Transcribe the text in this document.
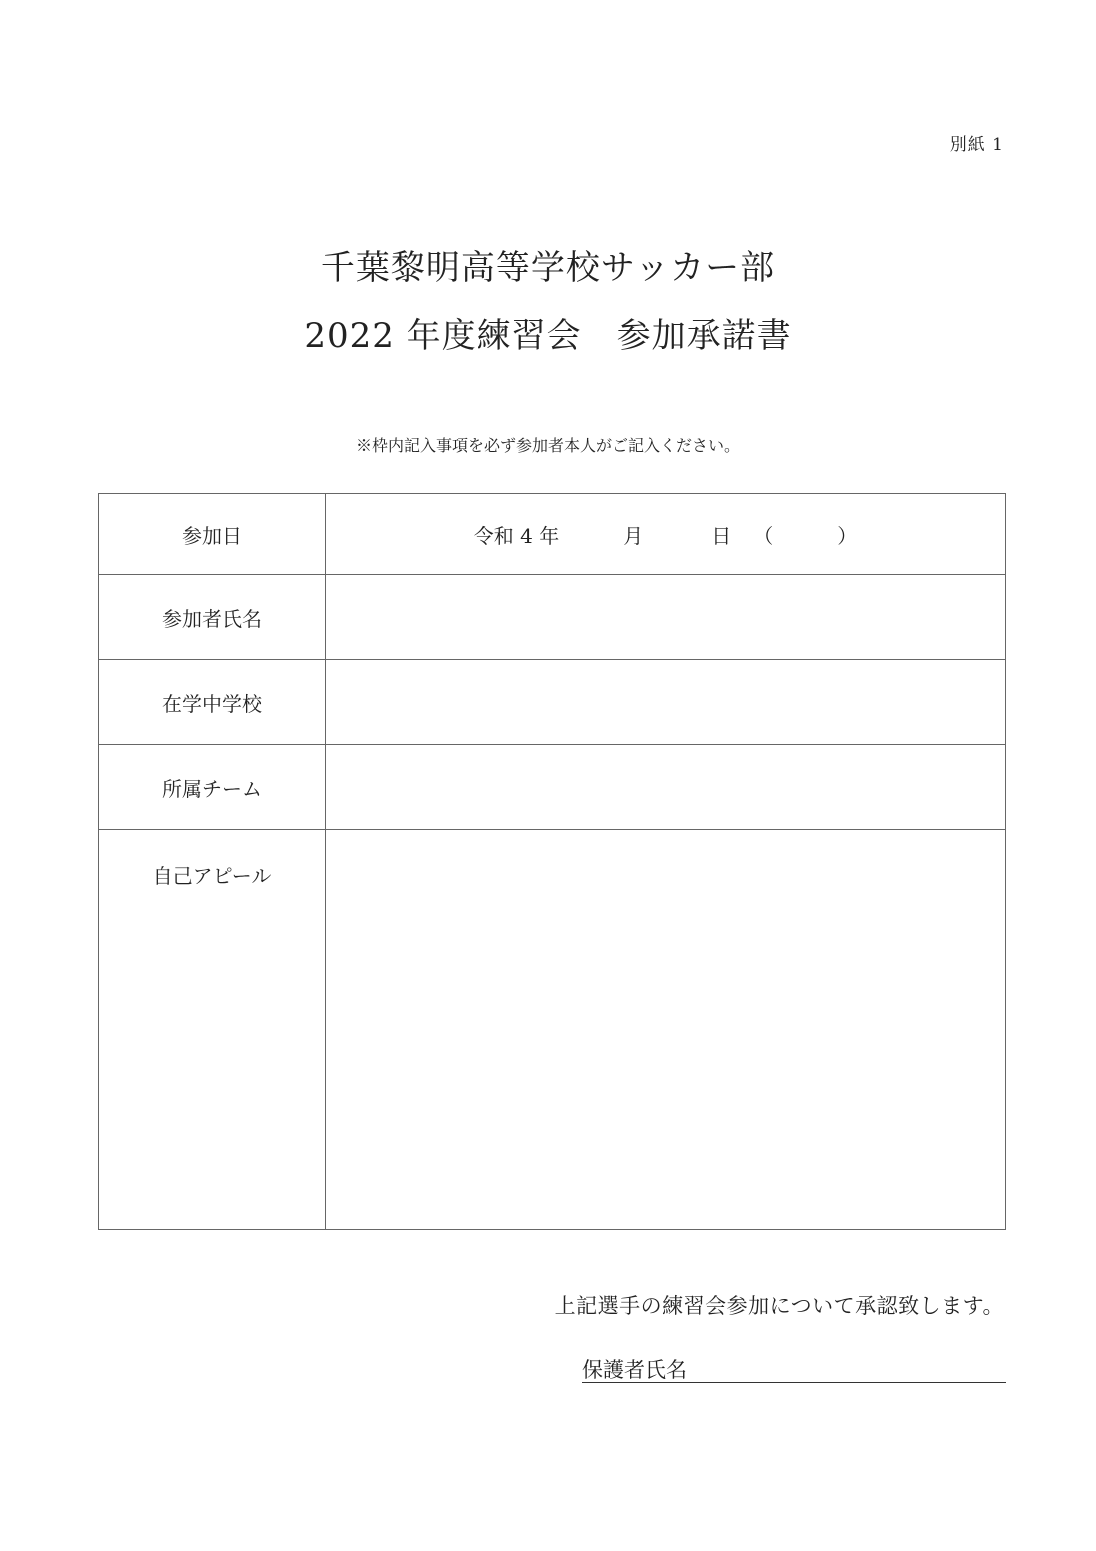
別紙 1
千葉黎明高等学校サッカー部
2022 年度練習会　参加承諾書
※枠内記入事項を必ず参加者本人がご記入ください。
参加日	令和 4 年 月 日 （ ）
参加者氏名	
在学中学校	
所属チーム	
自己アピール	
上記選手の練習会参加について承認致します。
保護者氏名
